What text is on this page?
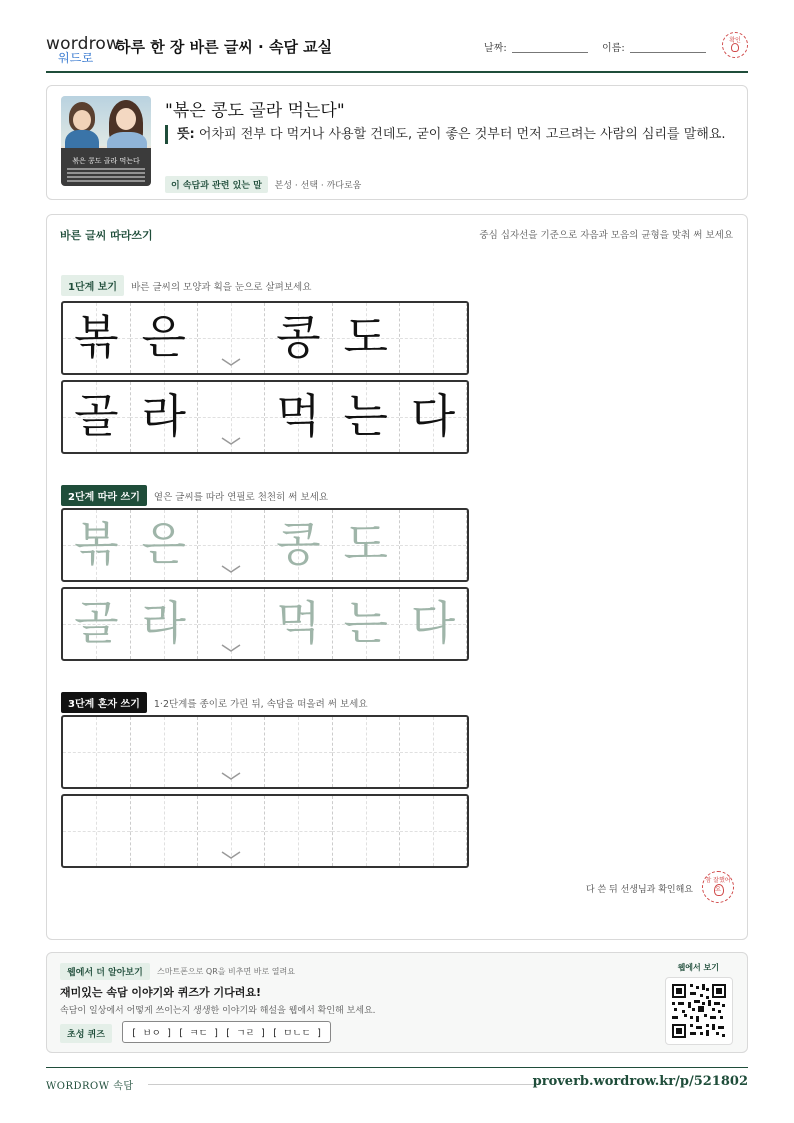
wordrow
워드로
하루 한 장 바른 글씨 · 속담 교실	날짜:	이름:
확인
볶은 콩도 골라 먹는다
"볶은 콩도 골라 먹는다"
뜻: 어차피 전부 다 먹거나 사용할 건데도, 굳이 좋은 것부터 먼저 고르려는 사람의 심리를 말해요.
이 속담과 관련 있는 말 본성 · 선택 · 까다로움
바른 글씨 따라쓰기	중심 십자선을 기준으로 자음과 모음의 균형을 맞춰 써 보세요
1단계 보기	바른 글씨의 모양과 획을 눈으로 살펴보세요
볶 은 콩 도
골 라 먹 는 다
2단계 따라 쓰기	옅은 글씨를 따라 연필로 천천히 써 보세요
볶 은 콩 도
골 라 먹 는 다
3단계 혼자 쓰기	1·2단계를 종이로 가린 뒤, 속담을 떠올려 써 보세요
다 쓴 뒤 선생님과 확인해요
참 잘했어요
웹에서 더 알아보기	스마트폰으로 QR을 비추면 바로 열려요
재미있는 속담 이야기와 퀴즈가 기다려요!
속담이 일상에서 어떻게 쓰이는지 생생한 이야기와 해설을 웹에서 확인해 보세요.
초성 퀴즈	[ ㅂㅇ ] [ ㅋㄷ ] [ ㄱㄹ ] [ ㅁㄴㄷ ]
웹에서 보기
WORDROW 속담	proverb.wordrow.kr/p/521802
